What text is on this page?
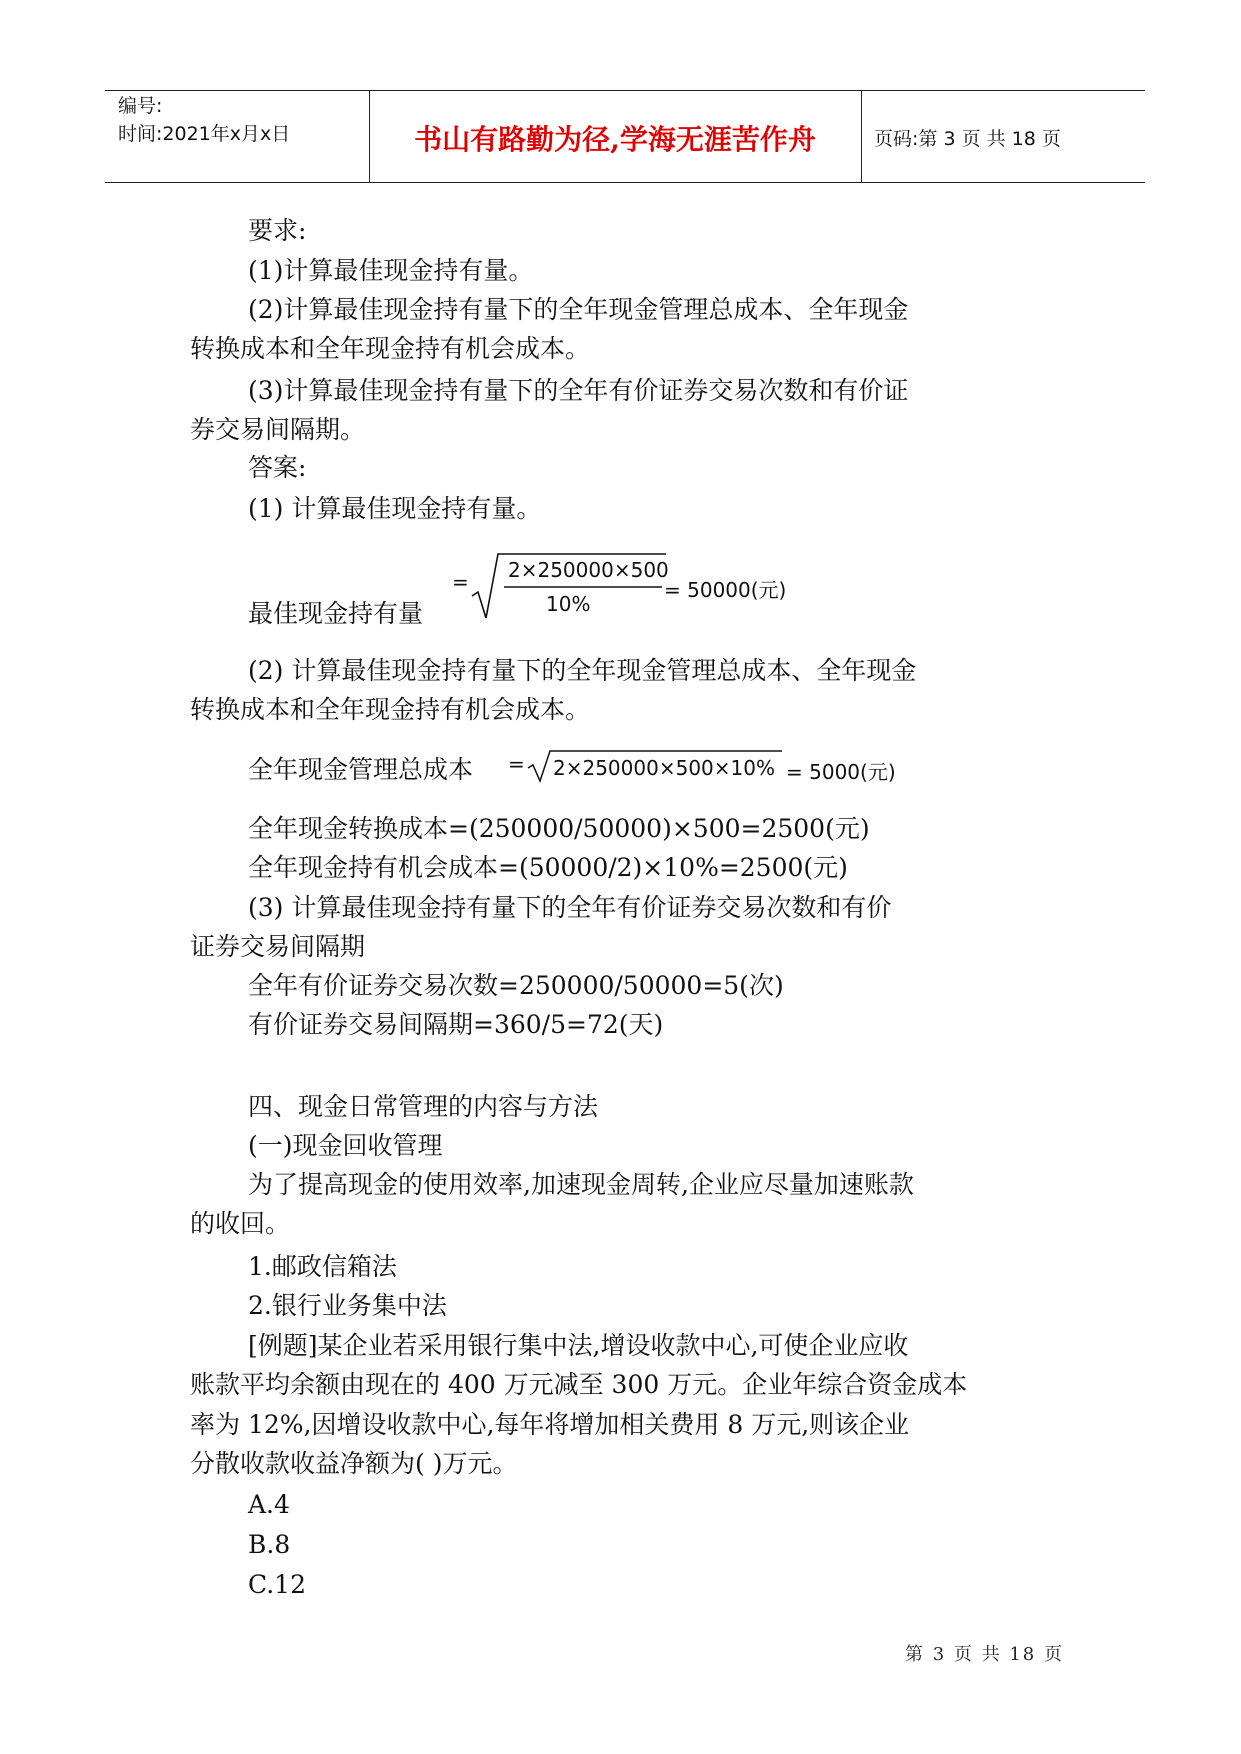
编号:
时间:2021年x月x日	书山有路勤为径,学海无涯苦作舟	页码:第 3 页 共 18 页
要求:
(1)计算最佳现金持有量。
(2)计算最佳现金持有量下的全年现金管理总成本、全年现金
转换成本和全年现金持有机会成本。
(3)计算最佳现金持有量下的全年有价证券交易次数和有价证
券交易间隔期。
答案:
(1) 计算最佳现金持有量。
最佳现金持有量
= 2×250000×500
10%
= 50000(元)
(2) 计算最佳现金持有量下的全年现金管理总成本、全年现金
转换成本和全年现金持有机会成本。
全年现金管理总成本 = 2×250000×500×10% = 5000(元)
全年现金转换成本=(250000/50000)×500=2500(元)
全年现金持有机会成本=(50000/2)×10%=2500(元)
(3) 计算最佳现金持有量下的全年有价证券交易次数和有价
证券交易间隔期
全年有价证券交易次数=250000/50000=5(次)
有价证券交易间隔期=360/5=72(天)
四、现金日常管理的内容与方法
(一)现金回收管理
为了提高现金的使用效率,加速现金周转,企业应尽量加速账款
的收回。
1.邮政信箱法
2.银行业务集中法
[例题]某企业若采用银行集中法,增设收款中心,可使企业应收
账款平均余额由现在的 400 万元减至 300 万元。企业年综合资金成本
率为 12%,因增设收款中心,每年将增加相关费用 8 万元,则该企业
分散收款收益净额为( )万元。
A.4
B.8
C.12
第 3 页 共 18 页
